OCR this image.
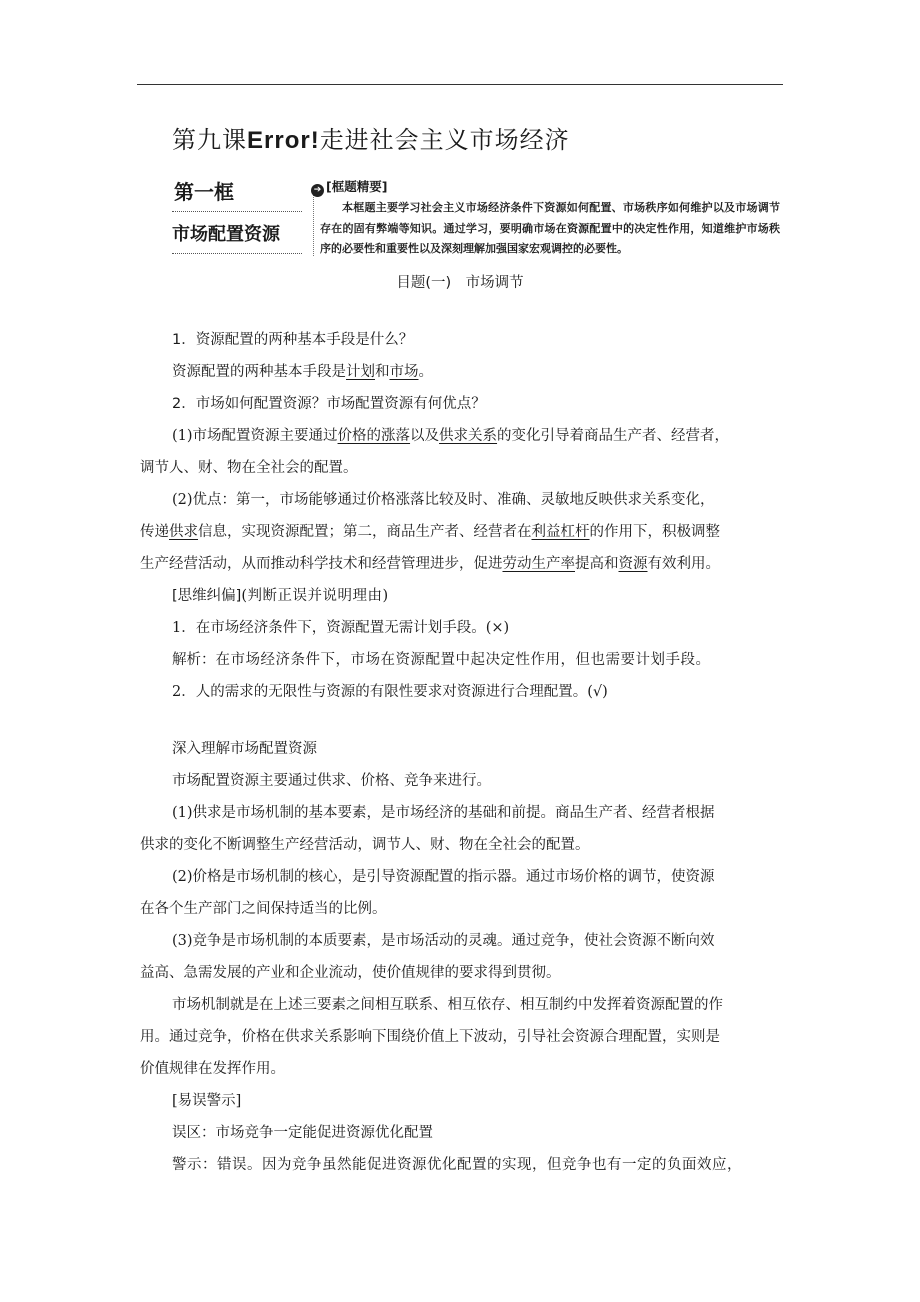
第九课Error!走进社会主义市场经济
第一框
市场配置资源
➔ [框题精要]
本框题主要学习社会主义市场经济条件下资源如何配置、市场秩序如何维护以及市场调节存在的固有弊端等知识。通过学习，要明确市场在资源配置中的决定性作用，知道维护市场秩序的必要性和重要性以及深刻理解加强国家宏观调控的必要性。
目题(一)　市场调节
1．资源配置的两种基本手段是什么？
资源配置的两种基本手段是计划和市场。
2．市场如何配置资源？市场配置资源有何优点？
(1)市场配置资源主要通过价格的涨落以及供求关系的变化引导着商品生产者、经营者，
调节人、财、物在全社会的配置。
(2)优点：第一，市场能够通过价格涨落比较及时、准确、灵敏地反映供求关系变化，
传递供求信息，实现资源配置；第二，商品生产者、经营者在利益杠杆的作用下，积极调整
生产经营活动，从而推动科学技术和经营管理进步，促进劳动生产率提高和资源有效利用。
[思维纠偏](判断正误并说明理由)
1．在市场经济条件下，资源配置无需计划手段。(×)
解析：在市场经济条件下，市场在资源配置中起决定性作用，但也需要计划手段。
2．人的需求的无限性与资源的有限性要求对资源进行合理配置。(√)
深入理解市场配置资源
市场配置资源主要通过供求、价格、竞争来进行。
(1)供求是市场机制的基本要素，是市场经济的基础和前提。商品生产者、经营者根据
供求的变化不断调整生产经营活动，调节人、财、物在全社会的配置。
(2)价格是市场机制的核心，是引导资源配置的指示器。通过市场价格的调节，使资源
在各个生产部门之间保持适当的比例。
(3)竞争是市场机制的本质要素，是市场活动的灵魂。通过竞争，使社会资源不断向效
益高、急需发展的产业和企业流动，使价值规律的要求得到贯彻。
市场机制就是在上述三要素之间相互联系、相互依存、相互制约中发挥着资源配置的作
用。通过竞争，价格在供求关系影响下围绕价值上下波动，引导社会资源合理配置，实则是
价值规律在发挥作用。
[易误警示]
误区：市场竞争一定能促进资源优化配置
警示：错误。因为竞争虽然能促进资源优化配置的实现，但竞争也有一定的负面效应，
